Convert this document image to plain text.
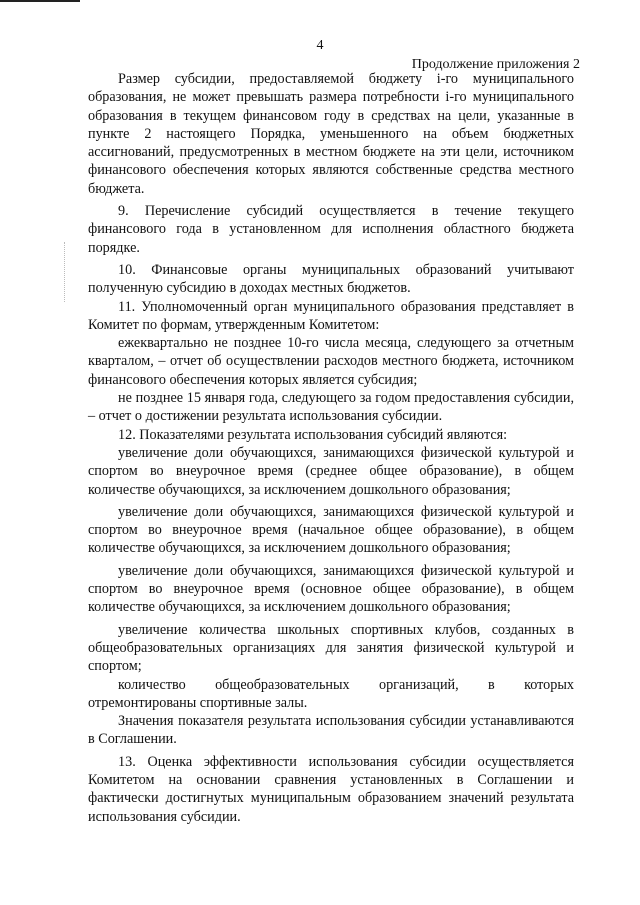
4
Продолжение приложения 2

Размер субсидии, предоставляемой бюджету i-го муниципального образования, не может превышать размера потребности i-го муниципального образования в текущем финансовом году в средствах на цели, указанные в пункте 2 настоящего Порядка, уменьшенного на объем бюджетных ассигнований, предусмотренных в местном бюджете на эти цели, источником финансового обеспечения которых являются собственные средства местного бюджета.

9. Перечисление субсидий осуществляется в течение текущего финансового года в установленном для исполнения областного бюджета порядке.

10. Финансовые органы муниципальных образований учитывают полученную субсидию в доходах местных бюджетов.

11. Уполномоченный орган муниципального образования представляет в Комитет по формам, утвержденным Комитетом:

ежеквартально не позднее 10-го числа месяца, следующего за отчетным кварталом, – отчет об осуществлении расходов местного бюджета, источником финансового обеспечения которых является субсидия;

не позднее 15 января года, следующего за годом предоставления субсидии, – отчет о достижении результата использования субсидии.

12. Показателями результата использования субсидий являются:

увеличение доли обучающихся, занимающихся физической культурой и спортом во внеурочное время (среднее общее образование), в общем количестве обучающихся, за исключением дошкольного образования;

увеличение доли обучающихся, занимающихся физической культурой и спортом во внеурочное время (начальное общее образование), в общем количестве обучающихся, за исключением дошкольного образования;

увеличение доли обучающихся, занимающихся физической культурой и спортом во внеурочное время (основное общее образование), в общем количестве обучающихся, за исключением дошкольного образования;

увеличение количества школьных спортивных клубов, созданных в общеобразовательных организациях для занятия физической культурой и спортом;

количество общеобразовательных организаций, в которых отремонтированы спортивные залы.

Значения показателя результата использования субсидии устанавливаются в Соглашении.

13. Оценка эффективности использования субсидии осуществляется Комитетом на основании сравнения установленных в Соглашении и фактически достигнутых муниципальным образованием значений результата использования субсидии.
